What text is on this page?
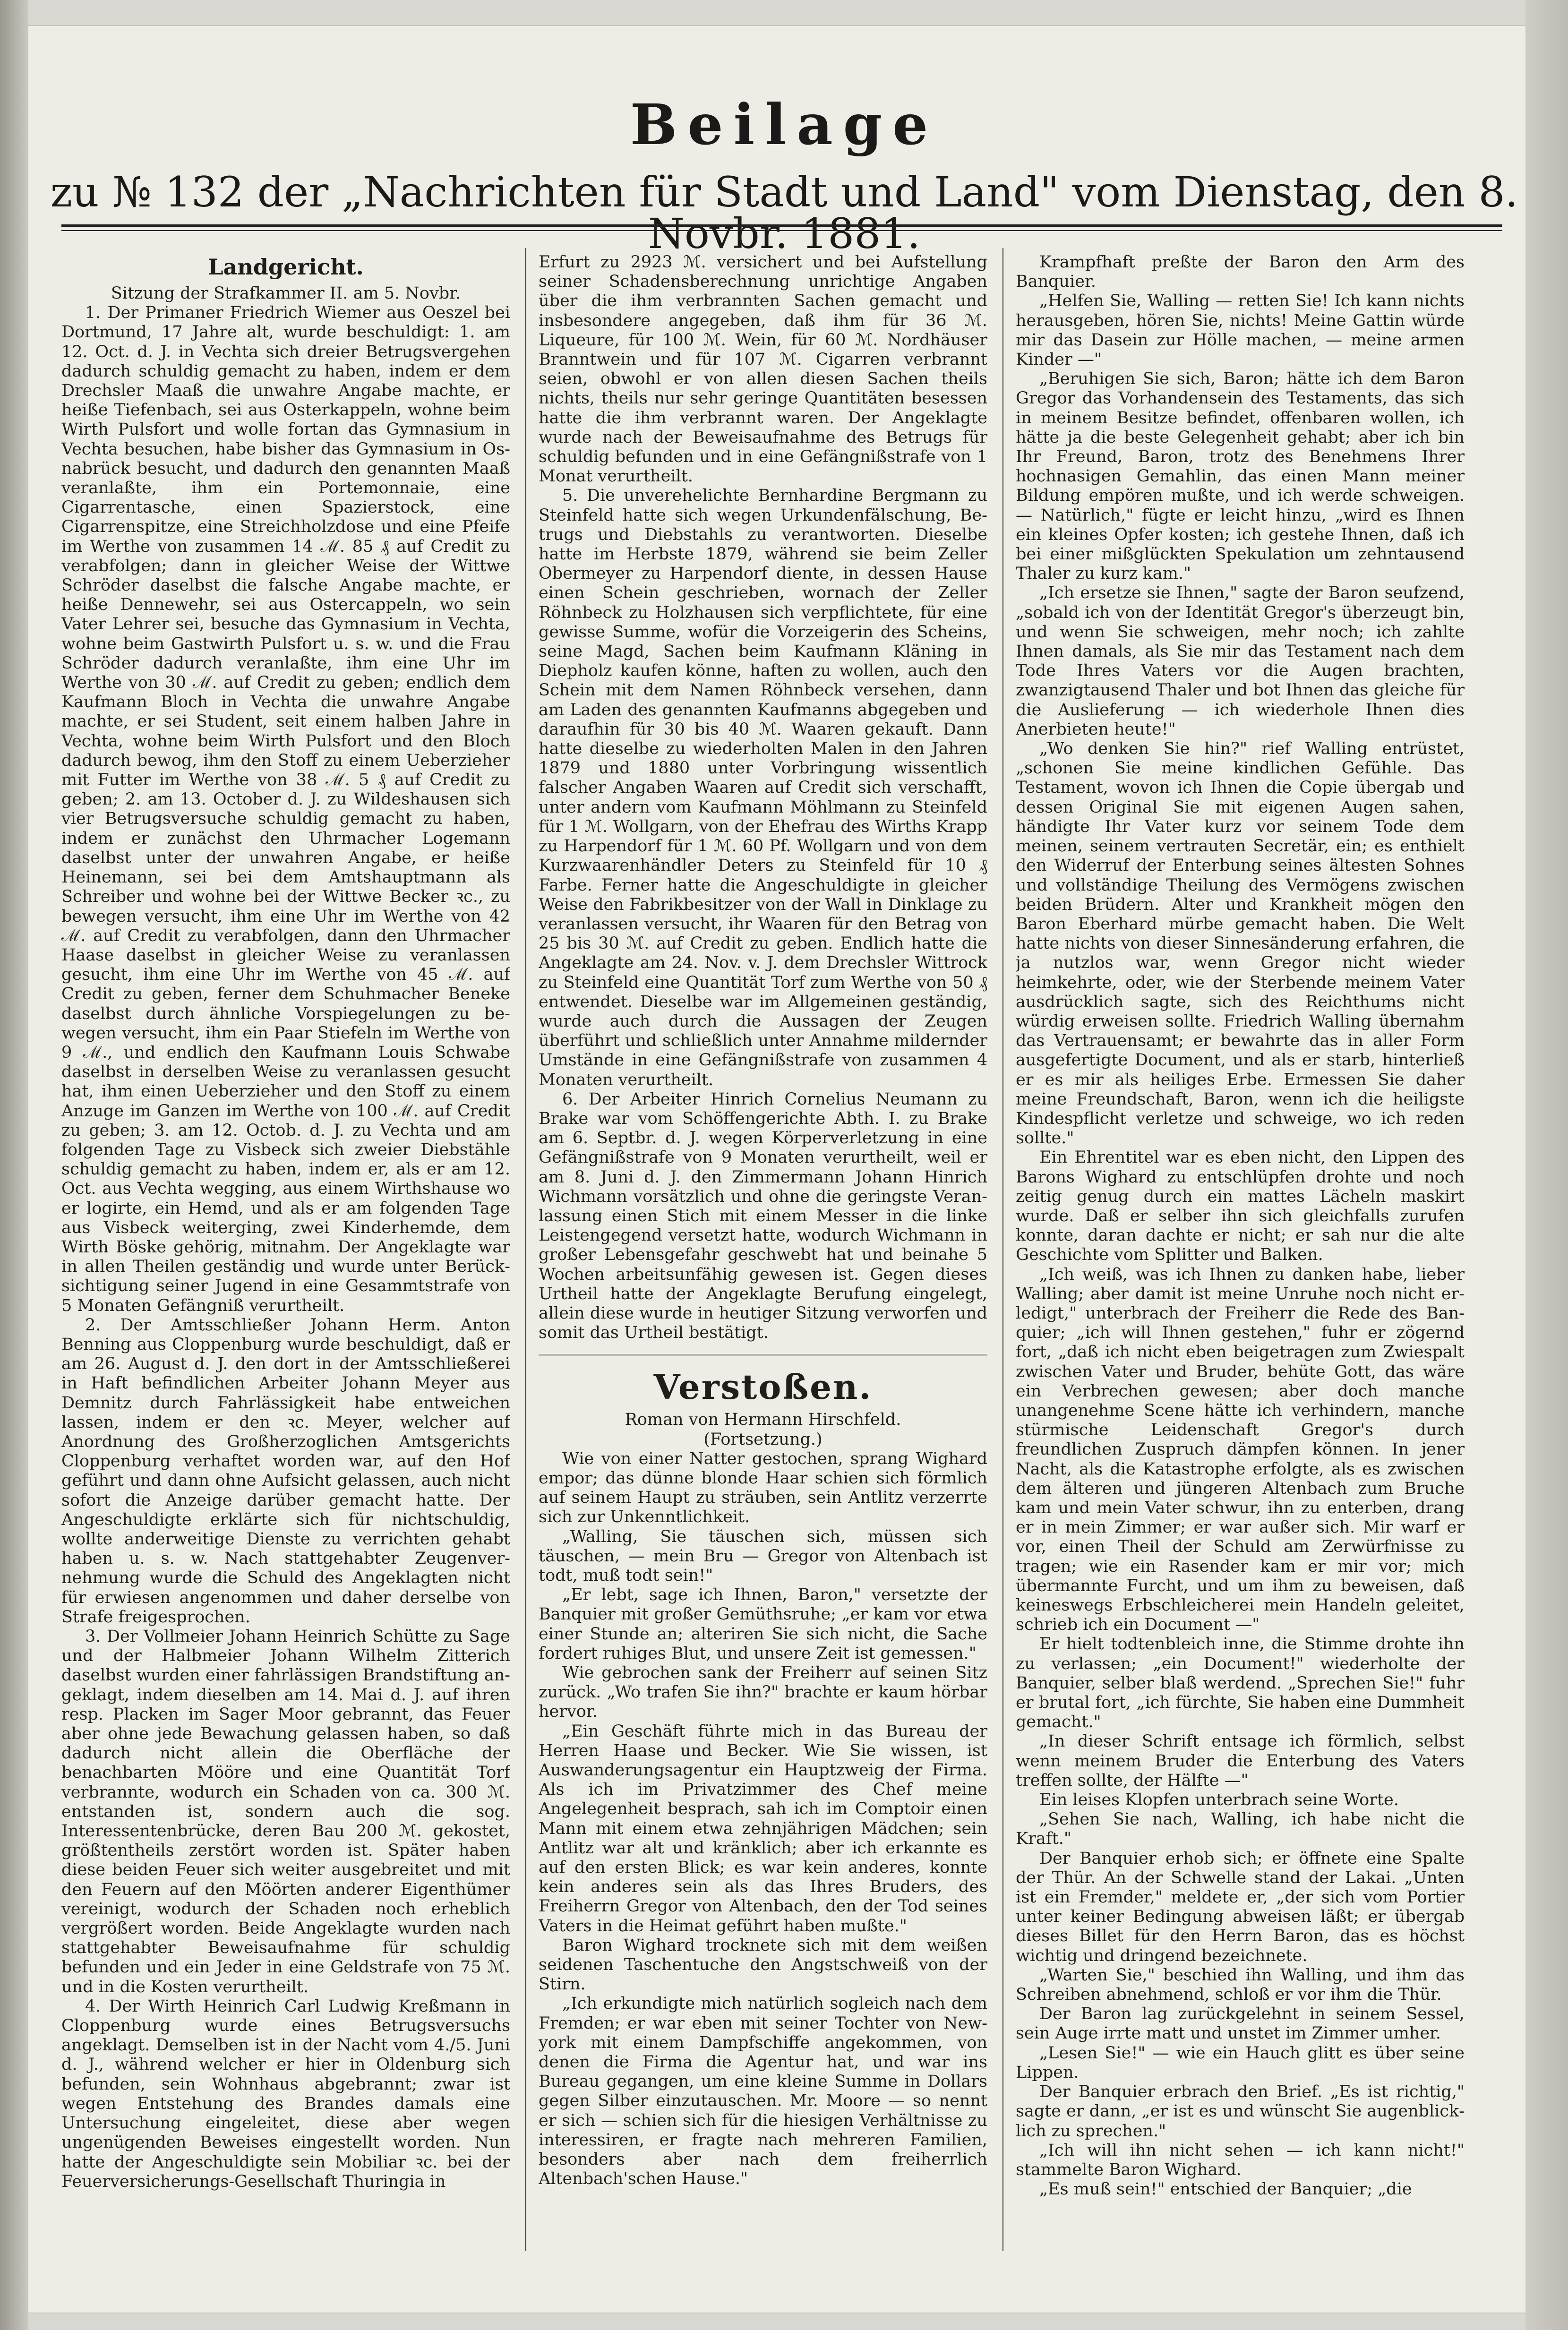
Beilage
zu № 132 der „Nachrichten für Stadt und Land" vom Dienstag, den 8. Novbr. 1881.
Landgericht.
Sitzung der Strafkammer II. am 5. Novbr.

1. Der Primaner Friedrich Wiemer aus Oeszel bei Dortmund, 17 Jahre alt, wurde beschuldigt: 1. am 12. Oct. d. J. in Vechta sich dreier Betrugsvergehen dadurch schuldig gemacht zu haben, indem er dem Drechsler Maaß die unwahre Angabe machte, er heiße Tiefenbach, sei aus Osterkappeln, wohne beim Wirth Pulsfort und wolle fortan das Gymnasium in Vechta besuchen, habe bisher das Gymnasium in Osnabrück besucht, und dadurch den genannten Maaß veranlaßte, ihm ein Portemonnaie, eine Cigarrentasche, einen Spazierstock, eine Cigarrenspitze, eine Streichholzdose und eine Pfeife im Werthe von zusammen 14 ℳ. 85 ₰ auf Credit zu verabfolgen; dann in gleicher Weise der Wittwe Schröder daselbst die falsche Angabe machte, er heiße Dennewehr, sei aus Ostercappeln, wo sein Vater Lehrer sei, besuche das Gymnasium in Vechta, wohne beim Gastwirth Pulsfort u. s. w. und die Frau Schröder dadurch veranlaßte, ihm eine Uhr im Werthe von 30 ℳ. auf Credit zu geben; endlich dem Kaufmann Bloch in Vechta die unwahre Angabe machte, er sei Student, seit einem halben Jahre in Vechta, wohne beim Wirth Pulsfort und den Bloch dadurch bewog, ihm den Stoff zu einem Ueberzieher mit Futter im Werthe von 38 ℳ. 5 ₰ auf Credit zu geben; 2. am 13. October d. J. zu Wildeshausen sich vier Betrugsversuche schuldig gemacht zu haben, indem er zunächst den Uhrmacher Logemann daselbst unter der unwahren Angabe, er heiße Heinemann, sei bei dem Amtshauptmann als Schreiber und wohne bei der Wittwe Becker ꝛc., zu bewegen versucht, ihm eine Uhr im Werthe von 42 ℳ. auf Credit zu verabfolgen, dann den Uhrmacher Haase daselbst in gleicher Weise zu veranlassen gesucht, ihm eine Uhr im Werthe von 45 ℳ. auf Credit zu geben, ferner dem Schuhmacher Beneke daselbst durch ähnliche Vorspiegelungen zu bewegen versucht, ihm ein Paar Stiefeln im Werthe von 9 ℳ., und endlich den Kaufmann Louis Schwabe daselbst in derselben Weise zu veranlassen gesucht hat, ihm einen Ueberzieher und den Stoff zu einem Anzuge im Ganzen im Werthe von 100 ℳ. auf Credit zu geben; 3. am 12. Octob. d. J. zu Vechta und am folgenden Tage zu Visbeck sich zweier Diebstähle schuldig gemacht zu haben, indem er, als er am 12. Oct. aus Vechta wegging, aus einem Wirthshause wo er logirte, ein Hemd, und als er am folgenden Tage aus Visbeck weiterging, zwei Kinderhemde, dem Wirth Böske gehörig, mitnahm. Der Angeklagte war in allen Theilen geständig und wurde unter Berücksichtigung seiner Jugend in eine Gesammtstrafe von 5 Monaten Gefängniß verurtheilt.

2. Der Amtsschließer Johann Herm. Anton Benning aus Cloppenburg wurde beschuldigt, daß er am 26. August d. J. den dort in der Amtsschließerei in Haft befindlichen Arbeiter Johann Meyer aus Demnitz durch Fahrlässigkeit habe entweichen lassen, indem er den ꝛc. Meyer, welcher auf Anordnung des Großherzoglichen Amtsgerichts Cloppenburg verhaftet worden war, auf den Hof geführt und dann ohne Aufsicht gelassen, auch nicht sofort die Anzeige darüber gemacht hatte. Der Angeschuldigte erklärte sich für nichtschuldig, wollte anderweitige Dienste zu verrichten gehabt haben u. s. w. Nach stattgehabter Zeugenvernehmung wurde die Schuld des Angeklagten nicht für erwiesen angenommen und daher derselbe von Strafe freigesprochen.

3. Der Vollmeier Johann Heinrich Schütte zu Sage und der Halbmeier Johann Wilhelm Zitterich daselbst wurden einer fahrlässigen Brandstiftung angeklagt, indem dieselben am 14. Mai d. J. auf ihren resp. Placken im Sager Moor gebrannt, das Feuer aber ohne jede Bewachung gelassen haben, so daß dadurch nicht allein die Oberfläche der benachbarten Mööre und eine Quantität Torf verbrannte, wodurch ein Schaden von ca. 300 ℳ. entstanden ist, sondern auch die sog. Interessentenbrücke, deren Bau 200 ℳ. gekostet, größtentheils zerstört worden ist. Später haben diese beiden Feuer sich weiter ausgebreitet und mit den Feuern auf den Möörten anderer Eigenthümer vereinigt, wodurch der Schaden noch erheblich vergrößert worden. Beide Angeklagte wurden nach stattgehabter Beweisaufnahme für schuldig befunden und ein Jeder in eine Geldstrafe von 75 ℳ. und in die Kosten verurtheilt.

4. Der Wirth Heinrich Carl Ludwig Kreßmann in Cloppenburg wurde eines Betrugsversuchs angeklagt. Demselben ist in der Nacht vom 4./5. Juni d. J., während welcher er hier in Oldenburg sich befunden, sein Wohnhaus abgebrannt; zwar ist wegen Entstehung des Brandes damals eine Untersuchung eingeleitet, diese aber wegen ungenügenden Beweises eingestellt worden. Nun hatte der Angeschuldigte sein Mobiliar ꝛc. bei der Feuerversicherungs-Gesellschaft Thuringia in

Erfurt zu 2923 ℳ. versichert und bei Aufstellung seiner Schadensberechnung unrichtige Angaben über die ihm verbrannten Sachen gemacht und insbesondere angegeben, daß ihm für 36 ℳ. Liqueure, für 100 ℳ. Wein, für 60 ℳ. Nordhäuser Branntwein und für 107 ℳ. Cigarren verbrannt seien, obwohl er von allen diesen Sachen theils nichts, theils nur sehr geringe Quantitäten besessen hatte die ihm verbrannt waren. Der Angeklagte wurde nach der Beweisaufnahme des Betrugs für schuldig befunden und in eine Gefängnißstrafe von 1 Monat verurtheilt.

5. Die unverehelichte Bernhardine Bergmann zu Steinfeld hatte sich wegen Urkundenfälschung, Betrugs und Diebstahls zu verantworten. Dieselbe hatte im Herbste 1879, während sie beim Zeller Obermeyer zu Harpendorf diente, in dessen Hause einen Schein geschrieben, wornach der Zeller Röhnbeck zu Holzhausen sich verpflichtete, für eine gewisse Summe, wofür die Vorzeigerin des Scheins, seine Magd, Sachen beim Kaufmann Kläning in Diepholz kaufen könne, haften zu wollen, auch den Schein mit dem Namen Röhnbeck versehen, dann am Laden des genannten Kaufmanns abgegeben und daraufhin für 30 bis 40 ℳ. Waaren gekauft. Dann hatte dieselbe zu wiederholten Malen in den Jahren 1879 und 1880 unter Vorbringung wissentlich falscher Angaben Waaren auf Credit sich verschafft, unter andern vom Kaufmann Möhlmann zu Steinfeld für 1 ℳ. Wollgarn, von der Ehefrau des Wirths Krapp zu Harpendorf für 1 ℳ. 60 Pf. Wollgarn und von dem Kurzwaarenhändler Deters zu Steinfeld für 10 ₰ Farbe. Ferner hatte die Angeschuldigte in gleicher Weise den Fabrikbesitzer von der Wall in Dinklage zu veranlassen versucht, ihr Waaren für den Betrag von 25 bis 30 ℳ. auf Credit zu geben. Endlich hatte die Angeklagte am 24. Nov. v. J. dem Drechsler Wittrock zu Steinfeld eine Quantität Torf zum Werthe von 50 ₰ entwendet. Dieselbe war im Allgemeinen geständig, wurde auch durch die Aussagen der Zeugen überführt und schließlich unter Annahme mildernder Umstände in eine Gefängnißstrafe von zusammen 4 Monaten verurtheilt.

6. Der Arbeiter Hinrich Cornelius Neumann zu Brake war vom Schöffengerichte Abth. I. zu Brake am 6. Septbr. d. J. wegen Körperverletzung in eine Gefängnißstrafe von 9 Monaten verurtheilt, weil er am 8. Juni d. J. den Zimmermann Johann Hinrich Wichmann vorsätzlich und ohne die geringste Veranlassung einen Stich mit einem Messer in die linke Leistengegend versetzt hatte, wodurch Wichmann in großer Lebensgefahr geschwebt hat und beinahe 5 Wochen arbeitsunfähig gewesen ist. Gegen dieses Urtheil hatte der Angeklagte Berufung eingelegt, allein diese wurde in heutiger Sitzung verworfen und somit das Urtheil bestätigt.

Verstoßen.
Roman von Hermann Hirschfeld.
(Fortsetzung.)

Wie von einer Natter gestochen, sprang Wighard empor; das dünne blonde Haar schien sich förmlich auf seinem Haupt zu sträuben, sein Antlitz verzerrte sich zur Unkenntlichkeit.

„Walling, Sie täuschen sich, müssen sich täuschen, — mein Bru — Gregor von Altenbach ist todt, muß todt sein!"

„Er lebt, sage ich Ihnen, Baron," versetzte der Banquier mit großer Gemüthsruhe; „er kam vor etwa einer Stunde an; alteriren Sie sich nicht, die Sache fordert ruhiges Blut, und unsere Zeit ist gemessen."

Wie gebrochen sank der Freiherr auf seinen Sitz zurück. „Wo trafen Sie ihn?" brachte er kaum hörbar hervor.

„Ein Geschäft führte mich in das Bureau der Herren Haase und Becker. Wie Sie wissen, ist Auswanderungsagentur ein Hauptzweig der Firma. Als ich im Privatzimmer des Chef meine Angelegenheit besprach, sah ich im Comptoir einen Mann mit einem etwa zehnjährigen Mädchen; sein Antlitz war alt und kränklich; aber ich erkannte es auf den ersten Blick; es war kein anderes, konnte kein anderes sein als das Ihres Bruders, des Freiherrn Gregor von Altenbach, den der Tod seines Vaters in die Heimat geführt haben mußte."

Baron Wighard trocknete sich mit dem weißen seidenen Taschentuche den Angstschweiß von der Stirn.

„Ich erkundigte mich natürlich sogleich nach dem Fremden; er war eben mit seiner Tochter von Newyork mit einem Dampfschiffe angekommen, von denen die Firma die Agentur hat, und war ins Bureau gegangen, um eine kleine Summe in Dollars gegen Silber einzutauschen. Mr. Moore — so nennt er sich — schien sich für die hiesigen Verhältnisse zu interessiren, er fragte nach mehreren Familien, besonders aber nach dem freiherrlich Altenbach'schen Hause."

Krampfhaft preßte der Baron den Arm des Banquier.

„Helfen Sie, Walling — retten Sie! Ich kann nichts herausgeben, hören Sie, nichts! Meine Gattin würde mir das Dasein zur Hölle machen, — meine armen Kinder —"

„Beruhigen Sie sich, Baron; hätte ich dem Baron Gregor das Vorhandensein des Testaments, das sich in meinem Besitze befindet, offenbaren wollen, ich hätte ja die beste Gelegenheit gehabt; aber ich bin Ihr Freund, Baron, trotz des Benehmens Ihrer hochnasigen Gemahlin, das einen Mann meiner Bildung empören mußte, und ich werde schweigen. — Natürlich," fügte er leicht hinzu, „wird es Ihnen ein kleines Opfer kosten; ich gestehe Ihnen, daß ich bei einer mißglückten Spekulation um zehntausend Thaler zu kurz kam."

„Ich ersetze sie Ihnen," sagte der Baron seufzend, „sobald ich von der Identität Gregor's überzeugt bin, und wenn Sie schweigen, mehr noch; ich zahlte Ihnen damals, als Sie mir das Testament nach dem Tode Ihres Vaters vor die Augen brachten, zwanzigtausend Thaler und bot Ihnen das gleiche für die Auslieferung — ich wiederhole Ihnen dies Anerbieten heute!"

„Wo denken Sie hin?" rief Walling entrüstet, „schonen Sie meine kindlichen Gefühle. Das Testament, wovon ich Ihnen die Copie übergab und dessen Original Sie mit eigenen Augen sahen, händigte Ihr Vater kurz vor seinem Tode dem meinen, seinem vertrauten Secretär, ein; es enthielt den Widerruf der Enterbung seines ältesten Sohnes und vollständige Theilung des Vermögens zwischen beiden Brüdern. Alter und Krankheit mögen den Baron Eberhard mürbe gemacht haben. Die Welt hatte nichts von dieser Sinnesänderung erfahren, die ja nutzlos war, wenn Gregor nicht wieder heimkehrte, oder, wie der Sterbende meinem Vater ausdrücklich sagte, sich des Reichthums nicht würdig erweisen sollte. Friedrich Walling übernahm das Vertrauensamt; er bewahrte das in aller Form ausgefertigte Document, und als er starb, hinterließ er es mir als heiliges Erbe. Ermessen Sie daher meine Freundschaft, Baron, wenn ich die heiligste Kindespflicht verletze und schweige, wo ich reden sollte."

Ein Ehrentitel war es eben nicht, den Lippen des Barons Wighard zu entschlüpfen drohte und noch zeitig genug durch ein mattes Lächeln maskirt wurde. Daß er selber ihn sich gleichfalls zurufen konnte, daran dachte er nicht; er sah nur die alte Geschichte vom Splitter und Balken.

„Ich weiß, was ich Ihnen zu danken habe, lieber Walling; aber damit ist meine Unruhe noch nicht erledigt," unterbrach der Freiherr die Rede des Banquier; „ich will Ihnen gestehen," fuhr er zögernd fort, „daß ich nicht eben beigetragen zum Zwiespalt zwischen Vater und Bruder, behüte Gott, das wäre ein Verbrechen gewesen; aber doch manche unangenehme Scene hätte ich verhindern, manche stürmische Leidenschaft Gregor's durch freundlichen Zuspruch dämpfen können. In jener Nacht, als die Katastrophe erfolgte, als es zwischen dem älteren und jüngeren Altenbach zum Bruche kam und mein Vater schwur, ihn zu enterben, drang er in mein Zimmer; er war außer sich. Mir warf er vor, einen Theil der Schuld am Zerwürfnisse zu tragen; wie ein Rasender kam er mir vor; mich übermannte Furcht, und um ihm zu beweisen, daß keineswegs Erbschleicherei mein Handeln geleitet, schrieb ich ein Document —"

Er hielt todtenbleich inne, die Stimme drohte ihn zu verlassen; „ein Document!" wiederholte der Banquier, selber blaß werdend. „Sprechen Sie!" fuhr er brutal fort, „ich fürchte, Sie haben eine Dummheit gemacht."

„In dieser Schrift entsage ich förmlich, selbst wenn meinem Bruder die Enterbung des Vaters treffen sollte, der Hälfte —"

Ein leises Klopfen unterbrach seine Worte.

„Sehen Sie nach, Walling, ich habe nicht die Kraft."

Der Banquier erhob sich; er öffnete eine Spalte der Thür. An der Schwelle stand der Lakai. „Unten ist ein Fremder," meldete er, „der sich vom Portier unter keiner Bedingung abweisen läßt; er übergab dieses Billet für den Herrn Baron, das es höchst wichtig und dringend bezeichnete.

„Warten Sie," beschied ihn Walling, und ihm das Schreiben abnehmend, schloß er vor ihm die Thür.

Der Baron lag zurückgelehnt in seinem Sessel, sein Auge irrte matt und unstet im Zimmer umher.

„Lesen Sie!" — wie ein Hauch glitt es über seine Lippen.

Der Banquier erbrach den Brief. „Es ist richtig," sagte er dann, „er ist es und wünscht Sie augenblicklich zu sprechen."

„Ich will ihn nicht sehen — ich kann nicht!" stammelte Baron Wighard.

„Es muß sein!" entschied der Banquier; „die
